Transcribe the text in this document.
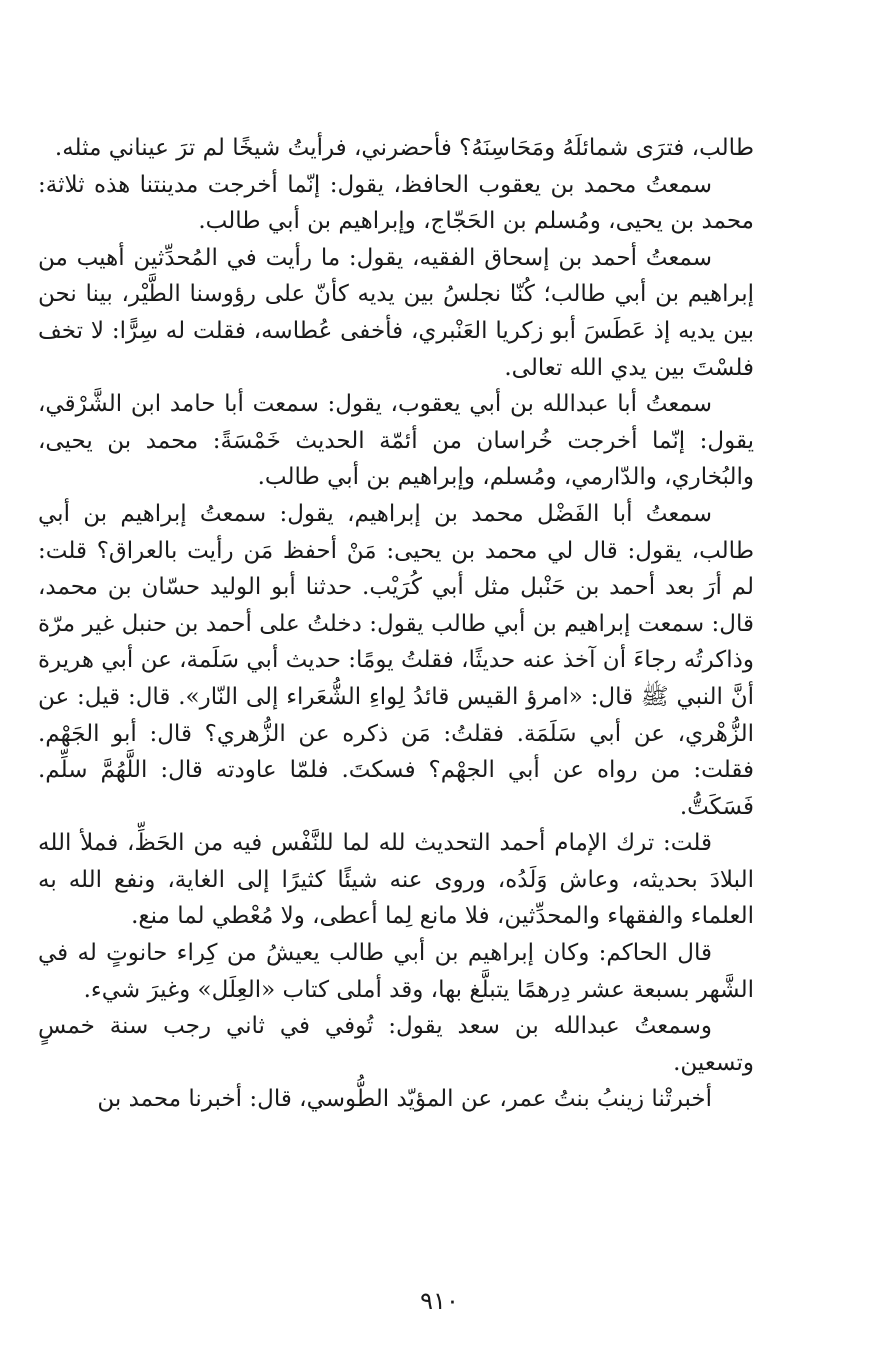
طالب، فترَى شمائلَهُ ومَحَاسِنَهُ؟ فأحضرني، فرأيتُ شيخًا لم ترَ عيناني مثله.

سمعتُ محمد بن يعقوب الحافظ، يقول: إنّما أخرجت مدينتنا هذه ثلاثة: محمد بن يحيى، ومُسلم بن الحَجّاج، وإبراهيم بن أبي طالب.

سمعتُ أحمد بن إسحاق الفقيه، يقول: ما رأيت في المُحدِّثين أهيب من إبراهيم بن أبي طالب؛ كُنّا نجلسُ بين يديه كأنّ على رؤوسنا الطَّيْر، بينا نحن بين يديه إذ عَطَسَ أبو زكريا العَنْبري، فأخفى عُطاسه، فقلت له سِرًّا: لا تخف فلسْتَ بين يدي الله تعالى.

سمعتُ أبا عبدالله بن أبي يعقوب، يقول: سمعت أبا حامد ابن الشَّرْقي، يقول: إنّما أخرجت خُراسان من أئمّة الحديث خَمْسَةً: محمد بن يحيى، والبُخاري، والدّارمي، ومُسلم، وإبراهيم بن أبي طالب.

سمعتُ أبا الفَضْل محمد بن إبراهيم، يقول: سمعتُ إبراهيم بن أبي طالب، يقول: قال لي محمد بن يحيى: مَنْ أحفظ مَن رأيت بالعراق؟ قلت: لم أرَ بعد أحمد بن حَنْبل مثل أبي كُرَيْب. حدثنا أبو الوليد حسّان بن محمد، قال: سمعت إبراهيم بن أبي طالب يقول: دخلتُ على أحمد بن حنبل غير مرّة وذاكرتُه رجاءَ أن آخذ عنه حديثًا، فقلتُ يومًا: حديث أبي سَلَمة، عن أبي هريرة أنَّ النبي ﷺ قال: «امرؤ القيس قائدُ لِواءِ الشُّعَراء إلى النّار». قال: قيل: عن الزُّهْري، عن أبي سَلَمَة. فقلتُ: مَن ذكره عن الزُّهري؟ قال: أبو الجَهْم. فقلت: من رواه عن أبي الجهْم؟ فسكتَ. فلمّا عاودته قال: اللَّهُمَّ سلِّم. فَسَكَتُّ.

قلت: ترك الإمام أحمد التحديث لله لما للنَّفْس فيه من الحَظِّ، فملأ الله البلادَ بحديثه، وعاش وَلَدُه، وروى عنه شيئًا كثيرًا إلى الغاية، ونفع الله به العلماء والفقهاء والمحدِّثين، فلا مانع لِما أعطى، ولا مُعْطي لما منع.

قال الحاكم: وكان إبراهيم بن أبي طالب يعيشُ من كِراء حانوتٍ له في الشَّهر بسبعة عشر دِرهمًا يتبلَّغ بها، وقد أملى كتاب «العِلَل» وغيرَ شيء.

وسمعتُ عبدالله بن سعد يقول: تُوفي في ثاني رجب سنة خمسٍ وتسعين.

أخبرتْنا زينبُ بنتُ عمر، عن المؤيّد الطُّوسي، قال: أخبرنا محمد بن

٩١٠
